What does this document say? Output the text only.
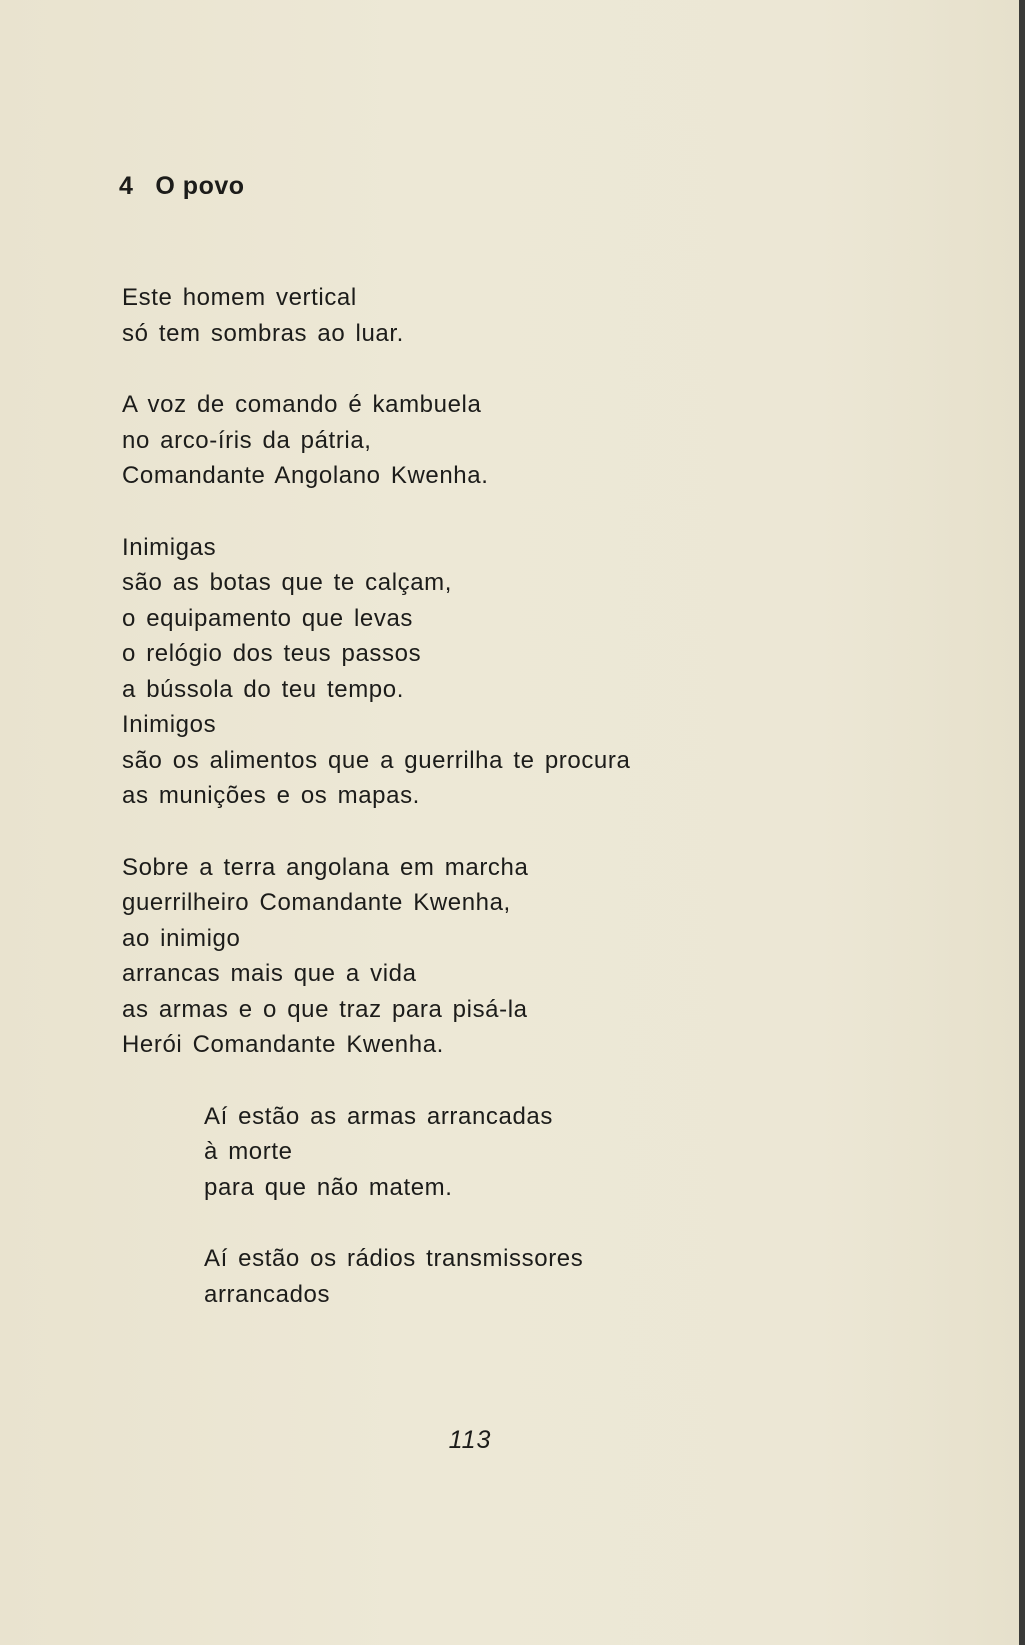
4 O povo
Este homem vertical
só tem sombras ao luar.
A voz de comando é kambuela
no arco-íris da pátria,
Comandante Angolano Kwenha.
Inimigas
são as botas que te calçam,
o equipamento que levas
o relógio dos teus passos
a bússola do teu tempo.
Inimigos
são os alimentos que a guerrilha te procura
as munições e os mapas.
Sobre a terra angolana em marcha
guerrilheiro Comandante Kwenha,
ao inimigo
arrancas mais que a vida
as armas e o que traz para pisá-la
Herói Comandante Kwenha.
Aí estão as armas arrancadas
à morte
para que não matem.
Aí estão os rádios transmissores
arrancados
113
